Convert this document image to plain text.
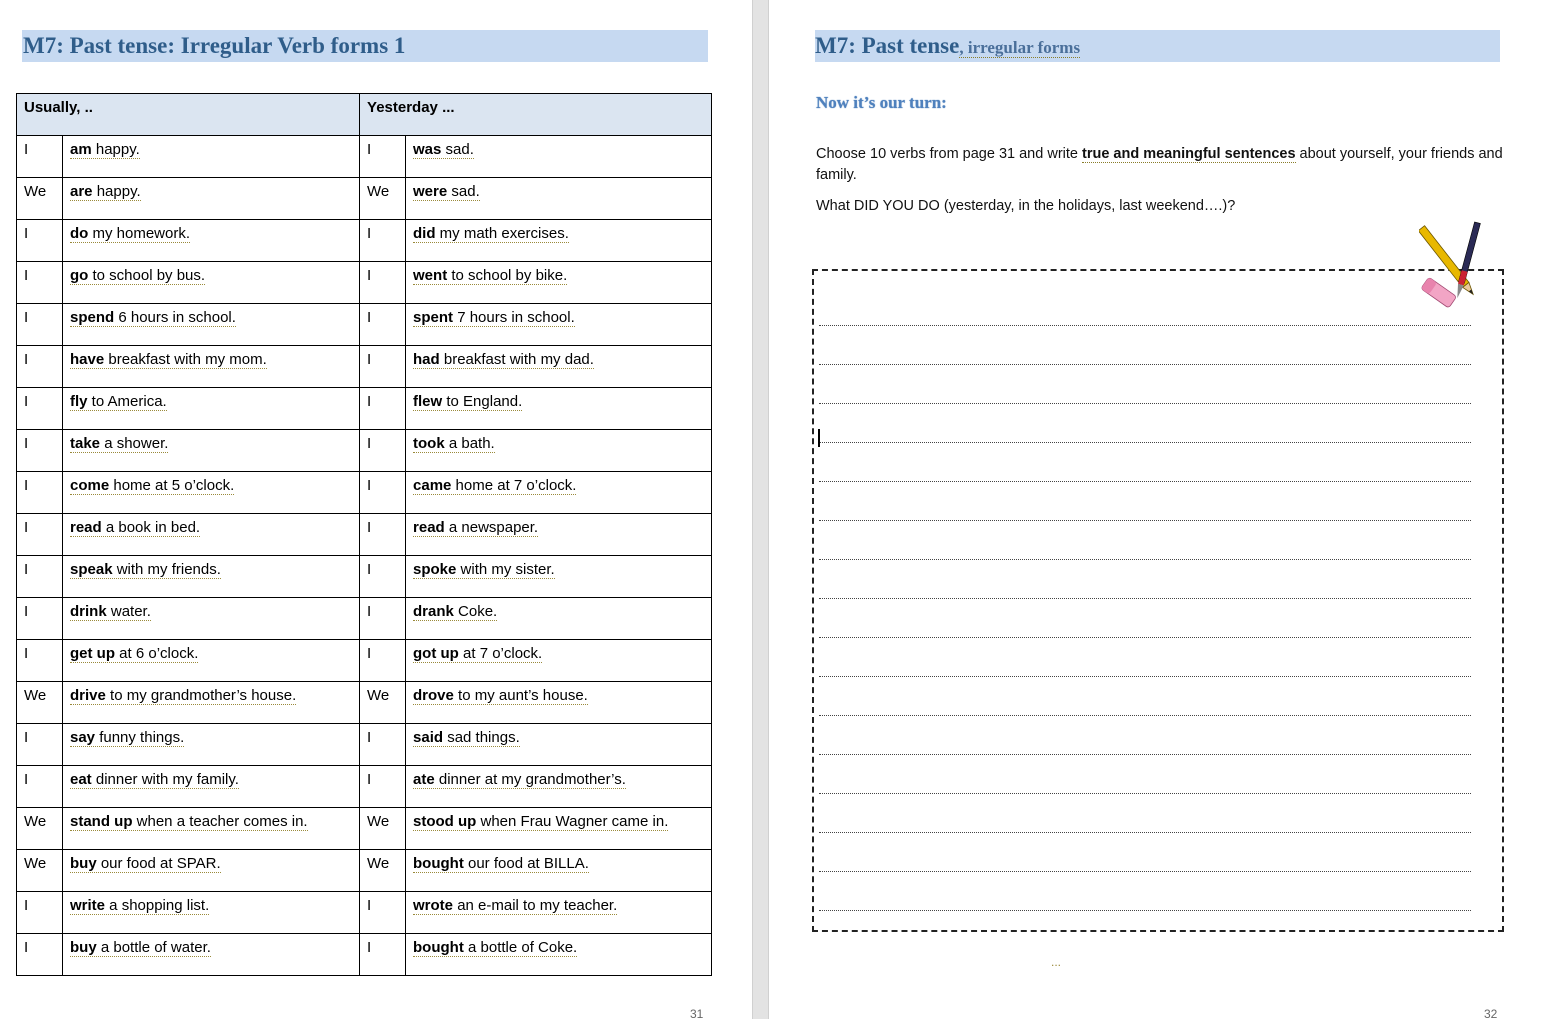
M7: Past tense: Irregular Verb forms 1
Usually, ..		Yesterday ...	
I	am happy.	I	was sad.
We	are happy.	We	were sad.
I	do my homework.	I	did my math exercises.
I	go to school by bus.	I	went to school by bike.
I	spend 6 hours in school.	I	spent 7 hours in school.
I	have breakfast with my mom.	I	had breakfast with my dad.
I	fly to America.	I	flew to England.
I	take a shower.	I	took a bath.
I	come home at 5 o’clock.	I	came home at 7 o’clock.
I	read a book in bed.	I	read a newspaper.
I	speak with my friends.	I	spoke with my sister.
I	drink water.	I	drank Coke.
I	get up at 6 o’clock.	I	got up at 7 o’clock.
We	drive to my grandmother’s house.	We	drove to my aunt’s house.
I	say funny things.	I	said sad things.
I	eat dinner with my family.	I	ate dinner at my grandmother’s.
We	stand up when a teacher comes in.	We	stood up when Frau Wagner came in.
We	buy our food at SPAR.	We	bought our food at BILLA.
I	write a shopping list.	I	wrote an e-mail to my teacher.
I	buy a bottle of water.	I	bought a bottle of Coke.
31
M7: Past tense, irregular forms
Now it’s our turn:
Choose 10 verbs from page 31 and write true and meaningful sentences about yourself, your friends and family.
What DID YOU DO (yesterday, in the holidays, last weekend….)?
...
32
